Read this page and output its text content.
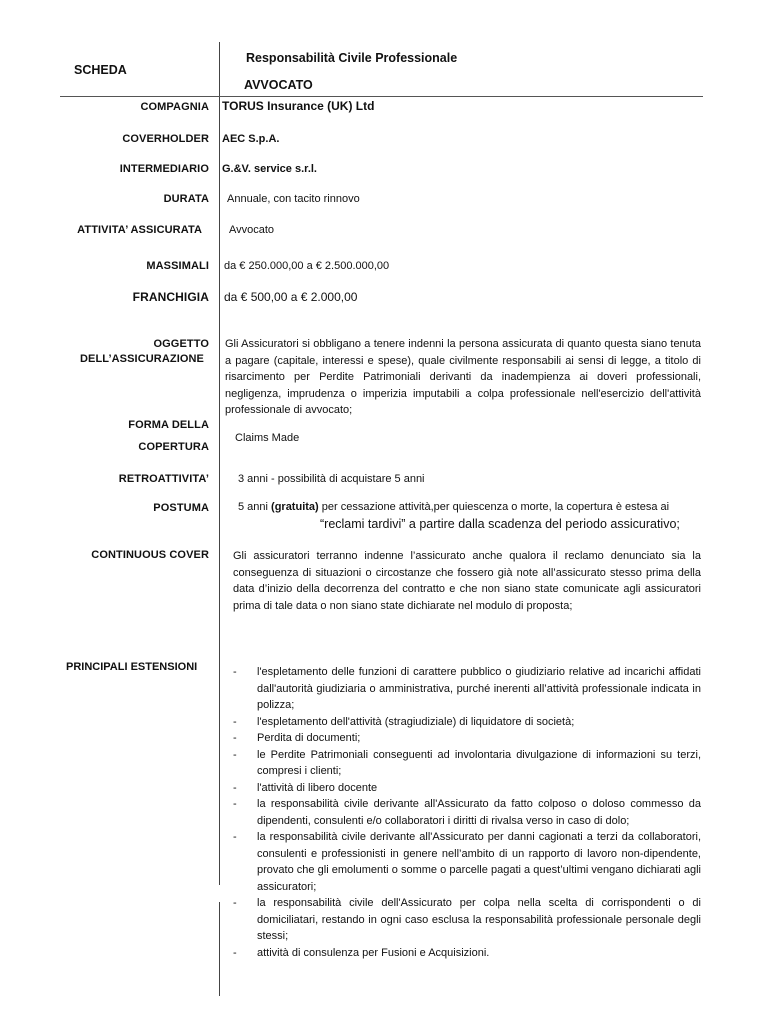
SCHEDA
Responsabilità Civile Professionale
AVVOCATO
COMPAGNIA TORUS Insurance (UK) Ltd
COVERHOLDER AEC S.p.A.
INTERMEDIARIO G.&V. service s.r.l.
DURATA Annuale, con tacito rinnovo
ATTIVITA’ ASSICURATA Avvocato
MASSIMALI da € 250.000,00 a € 2.500.000,00
FRANCHIGIA da € 500,00 a € 2.000,00
OGGETTO
DELL’ASSICURAZIONE
Gli Assicuratori si obbligano a tenere indenni la persona assicurata di quanto questa siano tenuta a pagare (capitale, interessi e spese), quale civilmente responsabili ai sensi di legge, a titolo di risarcimento per Perdite Patrimoniali derivanti da inadempienza ai doveri professionali, negligenza, imprudenza o imperizia imputabili a colpa professionale nell'esercizio dell'attività professionale di avvocato;
FORMA DELLA
COPERTURA
Claims Made
RETROATTIVITA’	3 anni - possibilità di acquistare 5 anni
POSTUMA	5 anni (gratuita) per cessazione attività,per quiescenza o morte, la copertura è estesa ai
“reclami tardivi” a partire dalla scadenza del periodo assicurativo;
CONTINUOUS COVER Gli assicuratori terranno indenne l’assicurato anche qualora il reclamo denunciato sia la conseguenza di situazioni o circostanze che fossero già note all’assicurato stesso prima della data d’inizio della decorrenza del contratto e che non siano state comunicate agli assicuratori prima di tale data o non siano state dichiarate nel modulo di proposta;
PRINCIPALI ESTENSIONI	- l'espletamento delle funzioni di carattere pubblico o giudiziario relative ad incarichi affidati dall'autorità giudiziaria o amministrativa, purché inerenti all’attività professionale indicata in polizza;
- l'espletamento dell'attività (stragiudiziale) di liquidatore di società;
- Perdita di documenti;
- le Perdite Patrimoniali conseguenti ad involontaria divulgazione di informazioni su terzi, compresi i clienti;
- l'attività di libero docente
- la responsabilità civile derivante all'Assicurato da fatto colposo o doloso commesso da dipendenti, consulenti e/o collaboratori i diritti di rivalsa verso in caso di dolo;
- la responsabilità civile derivante all'Assicurato per danni cagionati a terzi da collaboratori, consulenti e professionisti in genere nell’ambito di un rapporto di lavoro non-dipendente, provato che gli emolumenti o somme o parcelle pagati a quest’ultimi vengano dichiarati agli assicuratori;
- la responsabilità civile dell'Assicurato per colpa nella scelta di corrispondenti o di domiciliatari, restando in ogni caso esclusa la responsabilità professionale personale degli stessi;
- attività di consulenza per Fusioni e Acquisizioni.
